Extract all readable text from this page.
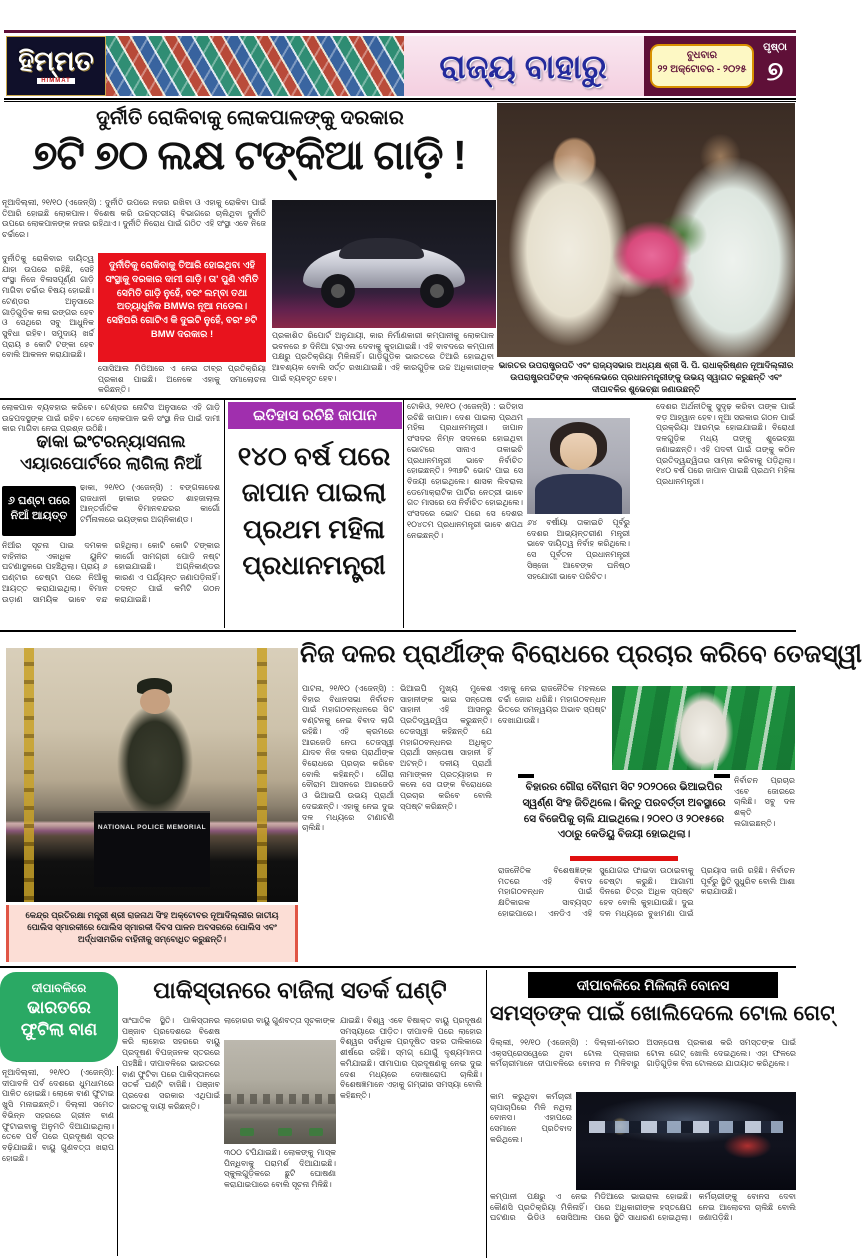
ହିମ୍ମତ
HIMMAT	ରାଜ୍ୟ ବାହାରୁ	ବୁଧବାର
୨୨ ଅକ୍ଟୋବର - ୨୦୨୫
ପୃଷ୍ଠା
୭
ଦୁର୍ନୀତି ରୋକିବାକୁ ଲୋକପାଳଙ୍କୁ ଦରକାର
୭ଟି ୭୦ ଲକ୍ଷ ଟଙ୍କିଆ ଗାଡ଼ି !
ଭାରତର ଉପରାଷ୍ଟ୍ରପତି ଏବଂ ରାଜ୍ୟସଭାର ଅଧ୍ୟକ୍ଷ ଶ୍ରୀ ସି. ପି. ରାଧାକ୍ରିଷ୍ଣନ ନୂଆଦିଲ୍ଲୀର ଉପରାଷ୍ଟ୍ରପତିଙ୍କ ଏନକ୍ଲେଭରେ ପ୍ରଧାନମନ୍ତ୍ରୀଙ୍କୁ ଉଭୟ ସ୍ୱାଗତ କରୁଛନ୍ତି ଏବଂ ଦୀପାବଳିର ଶୁଭେଚ୍ଛା ଜଣାଉଛନ୍ତି
ନୂଆଦିଲ୍ଲୀ, ୨୧/୧୦ (ଏଜେନ୍ସି) : ଦୁର୍ନୀତି ଉପରେ ନଜର ରଖିବା ଓ ଏହାକୁ ରୋକିବା ପାଇଁ ତିଆରି ହୋଇଛି ଲୋକପାଳ। ବିଶେଷ କରି ଉଚ୍ଚସ୍ତରୀୟ ବିଭାଗରେ ଚାଲିଥିବା ଦୁର୍ନୀତି ଉପରେ ଲୋକପାଳଙ୍କ ନଜର ରହିଥାଏ। ଦୁର୍ନୀତି ନିରୋଧ ପାଇଁ ଗଠିତ ଏହି ସଂସ୍ଥା ଏବେ ନିଜେ ଚର୍ଚ୍ଚାରେ।
ଦୁର୍ନୀତିକୁ ରୋକିବାର ଦାୟିତ୍ୱ ଯାହା ଉପରେ ରହିଛି, ସେହି ସଂସ୍ଥା ନିଜେ ବିଳାସପୂର୍ଣ୍ଣ ଗାଡ଼ି ମାଗିବା ଚର୍ଚ୍ଚାର ବିଷୟ ହୋଇଛି। ଟେଣ୍ଡର ଅନୁସାରେ ଗାଡ଼ିଗୁଡ଼ିକ କଳା ରଙ୍ଗର ହେବ ଓ ସେଥିରେ ସବୁ ଆଧୁନିକ ସୁବିଧା ରହିବ। ସମୁଦାୟ ଖର୍ଚ୍ଚ ପ୍ରାୟ ୫ କୋଟି ଟଙ୍କା ହେବ ବୋଲି ଆକଳନ କରାଯାଇଛି।
ଦୁର୍ନୀତିକୁ ରୋକିବାକୁ ତିଆରି ହୋଇଥିବା ଏହି ସଂସ୍ଥାକୁ ଦରକାର ଦାମୀ ଗାଡ଼ି। ତା' ପୁଣି ଏମିତି ସେମିତି ଗାଡ଼ି ନୁହେଁ, ବରଂ ଲମ୍ବା ତଥା ଅତ୍ୟାଧୁନିକ BMWର ନୂଆ ମଡେଲ। ସେହିପରି ଗୋଟିଏ କି ଦୁଇଟି ନୁହେଁ, ବରଂ ୭ଟି BMW ଦରକାର !
ସୋସିଆଲ ମିଡିଆରେ ଏ ନେଇ ତୀବ୍ର ପ୍ରତିକ୍ରିୟା ପ୍ରକାଶ ପାଇଛି। ଅନେକେ ଏହାକୁ ସମାଲୋଚନା କରିଛନ୍ତି।
ପ୍ରକାଶିତ ରିପୋର୍ଟ ଅନୁଯାୟୀ, କାର ନିର୍ମାଣକାରୀ କମ୍ପାନୀକୁ ଲୋକପାଳ ଭବନରେ ୭ ଦିନିଆ ଟ୍ରାଏଲ ଦେବାକୁ କୁହାଯାଇଛି। ଏହି ବାବଦରେ କମ୍ପାନୀ ପକ୍ଷରୁ ପ୍ରତିକ୍ରିୟା ମିଳିନାହିଁ। ଗାଡ଼ିଗୁଡ଼ିକ ଭାରତରେ ତିଆରି ହୋଇଥିବା ଆବଶ୍ୟକ ବୋଲି ସର୍ତ୍ତ ରଖାଯାଇଛି। ଏହି କାରଗୁଡ଼ିକ ଉଚ୍ଚ ଅଧିକାରୀଙ୍କ ପାଇଁ ବ୍ୟବହୃତ ହେବ।
ଲୋକପାଳ ବ୍ୟବହାର କରିବେ। ଟେଣ୍ଡର ନୋଟିସ ଅନୁସାରେ ଏହି ଗାଡ଼ି ଉଚ୍ଚପଦସ୍ଥଙ୍କ ପାଇଁ ରହିବ। ତେବେ ଲୋକପାଳ ଭଳି ସଂସ୍ଥା ନିଜ ପାଇଁ ଦାମୀ କାର ମାଗିବା ନେଇ ପ୍ରଶ୍ନ ଉଠିଛି।
ଢାକା ଇଂଟରନ୍ୟାସନାଲ
ଏୟାରପୋର୍ଟରେ ଲାଗିଲା ନିଆଁ
୬ ଘଣ୍ଟା ପରେ
ନିଆଁ ଆୟତ୍ତ
ଢାକା, ୨୧/୧୦ (ଏଜେନ୍ସି) : ବଙ୍ଗଳାଦେଶ ରାଜଧାନୀ ଢାକାର ହଜରତ ଶାହଜାଲାଲ ଆନ୍ତର୍ଜାତିକ ବିମାନବନ୍ଦରର କାର୍ଗୋ ଟର୍ମିନାଲରେ ଭୟଙ୍କର ଅଗ୍ନିକାଣ୍ଡ।
ନିଆଁର ସୂଚନା ପାଇ ଦମକଳ ବାହିନୀର ଏକାଧିକ ୟୁନିଟ ଘଟଣାସ୍ଥଳରେ ପହଞ୍ଚିଥିଲା। ପ୍ରାୟ ୬ ଘଣ୍ଟାର ଚେଷ୍ଟା ପରେ ନିଆଁକୁ ଆୟତ୍ତ କରାଯାଇଥିଲା। ବିମାନ ଉଡ଼ାଣ ସାମୟିକ ଭାବେ ବନ୍ଦ ରହିଥିଲା। କୋଟି କୋଟି ଟଙ୍କାର କାର୍ଗୋ ସାମଗ୍ରୀ ପୋଡ଼ି ନଷ୍ଟ ହୋଇଯାଇଛି। ଅଗ୍ନିକାଣ୍ଡର କାରଣ ଏ ପର୍ଯ୍ୟନ୍ତ ଜଣାପଡ଼ିନାହିଁ। ତଦନ୍ତ ପାଇଁ କମିଟି ଗଠନ କରାଯାଇଛି।
ଇତିହାସ ରଚିଛି ଜାପାନ
୧୪୦ ବର୍ଷ ପରେ ଜାପାନ ପାଇଲା ପ୍ରଥମ ମହିଳା ପ୍ରଧାନମନ୍ତ୍ରୀ
ଟୋକିଓ, ୨୧/୧୦ (ଏଜେନ୍ସି) : ଇତିହାସ ରଚିଛି ଜାପାନ। ଦେଶ ପାଇଲା ପ୍ରଥମ ମହିଳା ପ୍ରଧାନମନ୍ତ୍ରୀ। ଜାପାନ ସଂସଦର ନିମ୍ନ ସଦନରେ ହୋଇଥିବା ଭୋଟରେ ସାନାଏ ତାକାଇଚି ପ୍ରଧାନମନ୍ତ୍ରୀ ଭାବେ ନିର୍ବାଚିତ ହୋଇଛନ୍ତି। ୨୩୭ଟି ଭୋଟ ପାଇ ସେ ବିଜୟୀ ହୋଇଥିଲେ। ଶାସକ ଲିବରାଲ ଡେମୋକ୍ରାଟିକ ପାର୍ଟିର ନେତ୍ରୀ ଭାବେ ଗତ ମାସରେ ସେ ନିର୍ବାଚିତ ହୋଇଥିଲେ। ସଂସଦରେ ଭୋଟ ପରେ ସେ ଦେଶର ୧୦୪ତମ ପ୍ରଧାନମନ୍ତ୍ରୀ ଭାବେ ଶପଥ ନେଇଛନ୍ତି।
୬୪ ବର୍ଷୀୟା ତାକାଇଚି ପୂର୍ବରୁ ଦେଶର ଆଭ୍ୟନ୍ତରୀଣ ମନ୍ତ୍ରୀ ଭାବେ ଦାୟିତ୍ୱ ନିର୍ବାହ କରିଥିଲେ। ସେ ପୂର୍ବତନ ପ୍ରଧାନମନ୍ତ୍ରୀ ସିଞ୍ଜୋ ଆବେଙ୍କ ଘନିଷ୍ଠ ସହଯୋଗୀ ଭାବେ ପରିଚିତ।
ଦେଶର ଅର୍ଥନୀତିକୁ ସୁଦୃଢ଼ କରିବା ତାଙ୍କ ପାଇଁ ବଡ଼ ଆହ୍ୱାନ ହେବ। ନୂଆ ସରକାର ଗଠନ ପାଇଁ ପ୍ରକ୍ରିୟା ଆରମ୍ଭ ହୋଇଯାଇଛି। ବିରୋଧୀ ଦଳଗୁଡ଼ିକ ମଧ୍ୟ ତାଙ୍କୁ ଶୁଭେଚ୍ଛା ଜଣାଇଛନ୍ତି। ଏହି ପଦବୀ ପାଇଁ ତାଙ୍କୁ କଠିନ ପ୍ରତିଦ୍ୱନ୍ଦ୍ୱିତାର ସାମ୍ନା କରିବାକୁ ପଡ଼ିଥିଲା। ୧୪୦ ବର୍ଷ ପରେ ଜାପାନ ପାଇଛି ପ୍ରଥମ ମହିଳା ପ୍ରଧାନମନ୍ତ୍ରୀ।
ନିଜ ଦଳର ପ୍ରାର୍ଥୀଙ୍କ ବିରୋଧରେ ପ୍ରଚାର କରିବେ ତେଜସ୍ୱୀ
NATIONAL POLICE MEMORIAL
କେନ୍ଦ୍ର ପ୍ରତିରକ୍ଷା ମନ୍ତ୍ରୀ ଶ୍ରୀ ରାଜନାଥ ସିଂହ ଅକ୍ଟୋବର ନୂଆଦିଲ୍ଲୀର ଜାତୀୟ ପୋଲିସ ସ୍ମାରକୀରେ ପୋଲିସ ସ୍ମାରକୀ ଦିବସ ପାଳନ ଅବସରରେ ପୋଲିସ ଏବଂ ଅର୍ଦ୍ଧସାମରିକ ବାହିନୀକୁ ସମ୍ବୋଧିତ କରୁଛନ୍ତି।
ପାଟନା, ୨୧/୧୦ (ଏଜେନ୍ସି) : ବିହାର ବିଧାନସଭା ନିର୍ବାଚନ ପାଇଁ ମହାଗଠବନ୍ଧନରେ ସିଟ ବଣ୍ଟନକୁ ନେଇ ବିବାଦ ଲାଗି ରହିଛି। ଏହି କ୍ରମରେ ଆରଜେଡି ନେତା ତେଜସ୍ୱୀ ଯାଦବ ନିଜ ଦଳର ପ୍ରାର୍ଥୀଙ୍କ ବିରୋଧରେ ପ୍ରଚାର କରିବେ ବୋଲି କହିଛନ୍ତି। ଗୌରା ବୌରାମ ଆସନରେ ଆରଜେଡି ଓ ଭିଆଇପି ଉଭୟ ପ୍ରାର୍ଥୀ ଦେଇଛନ୍ତି। ଏହାକୁ ନେଇ ଦୁଇ ଦଳ ମଧ୍ୟରେ ଟାଣାଟଣି ଚାଲିଛି।
ଭିଆଇପି ମୁଖ୍ୟ ମୁକେଶ ସାହାନୀଙ୍କ ଭାଇ ସନ୍ତୋଷ ସାହାନୀ ଏହି ଆସନରୁ ପ୍ରତିଦ୍ୱନ୍ଦ୍ୱିତା କରୁଛନ୍ତି। ତେଜସ୍ୱୀ କହିଛନ୍ତି ଯେ ମହାଗଠବନ୍ଧନର ଅଧିକୃତ ପ୍ରାର୍ଥୀ ସନ୍ତୋଷ ସାହାନୀ ହିଁ ଅଟନ୍ତି। ଦଳୀୟ ପ୍ରାର୍ଥୀ ନାମାଙ୍କନ ପ୍ରତ୍ୟାହାର ନ କଲେ ସେ ତାଙ୍କ ବିରୋଧରେ ପ୍ରଚାର କରିବେ ବୋଲି ସ୍ପଷ୍ଟ କରିଛନ୍ତି।
ଏହାକୁ ନେଇ ରାଜନୈତିକ ମହଲରେ ଚର୍ଚ୍ଚା ଜୋର ଧରିଛି। ମହାଗଠବନ୍ଧନ ଭିତରେ ସମନ୍ୱୟର ଅଭାବ ସ୍ପଷ୍ଟ ଦେଖାଯାଉଛି।
ବିହାରର ଗୌରା ବୌରାମ ସିଟ ୨୦୨୦ରେ ଭିଆଇପିର ସ୍ୱର୍ଣ୍ଣ ସିଂହ ଜିତିଥିଲେ। କିନ୍ତୁ ପରବର୍ତ୍ତୀ ଅବସ୍ଥାରେ ସେ ବିଜେପିକୁ ଚାଲି ଯାଇଥିଲେ। ୨୦୧୦ ଓ ୨୦୧୫ରେ ଏଠାରୁ କେଡିୟୁ ବିଜୟୀ ହୋଇଥିଲା।
ନିର୍ବାଚନ ପ୍ରଚାର ଏବେ ଜୋରରେ ଚାଲିଛି। ସବୁ ଦଳ ଶକ୍ତି ଲଗାଇଛନ୍ତି।
ରାଜନୈତିକ ବିଶେଷଜ୍ଞଙ୍କ ମତରେ ଏହି ବିବାଦ ମହାଗଠବନ୍ଧନ ପାଇଁ କ୍ଷତିକାରକ ସାବ୍ୟସ୍ତ ହୋଇପାରେ। ଏନଡିଏ ଏହି ସୁଯୋଗର ଫାଇଦା ଉଠାଇବାକୁ ଚେଷ୍ଟା କରୁଛି। ଆଗାମୀ ଦିନରେ ଚିତ୍ର ଅଧିକ ସ୍ପଷ୍ଟ ହେବ ବୋଲି କୁହାଯାଉଛି। ଦୁଇ ଦଳ ମଧ୍ୟରେ ବୁଝାମଣା ପାଇଁ ପ୍ରୟାସ ଜାରି ରହିଛି। ନିର୍ବାଚନ ପୂର୍ବରୁ ସ୍ଥିତି ସୁଧୁରିବ ବୋଲି ଆଶା କରାଯାଉଛି।
ଦୀପାବଳିରେ
ଭାରତରେ
ଫୁଟିଲା ବାଣ
ନୂଆଦିଲ୍ଲୀ, ୨୧/୧୦ (ଏଜେନ୍ସି): ଦୀପାବଳି ପର୍ବ ଦେଶରେ ଧୁମଧାମରେ ପାଳିତ ହୋଇଛି। ଲୋକେ ବାଣ ଫୁଟାଇ ଖୁସି ମନାଇଛନ୍ତି। ଦିଲ୍ଲୀ ସମେତ ବିଭିନ୍ନ ସହରରେ ଗ୍ରୀନ ବାଣ ଫୁଟାଇବାକୁ ଅନୁମତି ଦିଆଯାଇଥିଲା। ତେବେ ପର୍ବ ପରେ ପ୍ରଦୂଷଣ ସ୍ତର ବଢ଼ିଯାଇଛି। ବାୟୁ ଗୁଣବତ୍ତା ଖରାପ ହୋଇଛି।
ପାକିସ୍ତାନରେ ବାଜିଲା ସତର୍କ ଘଣ୍ଟି
ସାଂଘାତିକ ସ୍ଥିତି। ପାକିସ୍ତାନର ପଞ୍ଜାବ ପ୍ରଦେଶରେ ବିଶେଷ କରି ଲାହୋର ସହରରେ ବାୟୁ ପ୍ରଦୂଷଣ ବିପଜ୍ଜନକ ସ୍ତରରେ ପହଞ୍ଚିଛି। ଦୀପାବଳିରେ ଭାରତରେ ବାଣ ଫୁଟିବା ପରେ ପାକିସ୍ତାନରେ ସତର୍କ ଘଣ୍ଟି ବାଜିଛି। ପଞ୍ଜାବ ପ୍ରଦେଶ ସରକାର ଏଥିପାଇଁ ଭାରତକୁ ଦାୟୀ କରିଛନ୍ତି।
ଲାହୋରର ବାୟୁ ଗୁଣବତ୍ତା ସୂଚକାଙ୍କ
୩୦୦ ଟପିଯାଇଛି। ଲୋକଙ୍କୁ ମାସ୍କ ପିନ୍ଧିବାକୁ ପରାମର୍ଶ ଦିଆଯାଇଛି। ସ୍କୁଲଗୁଡ଼ିକରେ ଛୁଟି ଘୋଷଣା କରାଯାଇପାରେ ବୋଲି ସୂଚନା ମିଳିଛି।
ଯାଇଛି। ବିଶ୍ୱ ଏବେ ବିଷାକ୍ତ ବାୟୁ ପ୍ରଦୂଷଣ ସମସ୍ୟାରେ ପୀଡ଼ିତ। ଦୀପାବଳି ପରେ ଲାହୋର ବିଶ୍ୱର ସର୍ବାଧିକ ପ୍ରଦୂଷିତ ସହର ତାଲିକାରେ ଶୀର୍ଷରେ ରହିଛି। ସ୍ମଗ୍ ଯୋଗୁଁ ଦୃଶ୍ୟମାନତା କମିଯାଇଛି। ସୀମାପାର ପ୍ରଦୂଷଣକୁ ନେଇ ଦୁଇ ଦେଶ ମଧ୍ୟରେ ଦୋଷାରୋପ ଚାଲିଛି। ବିଶେଷଜ୍ଞମାନେ ଏହାକୁ ଗମ୍ଭୀର ସମସ୍ୟା ବୋଲି କହିଛନ୍ତି।
ଦୀପାବଳିରେ ମିଳିଲାନି ବୋନସ
ସମସ୍ତଙ୍କ ପାଇଁ ଖୋଲିଦେଲେ ଟୋଲ ଗେଟ୍
ଦିଲ୍ଲୀ, ୨୧/୧୦ (ଏଜେନ୍ସି) : ଦିଲ୍ଲୀ-ମେରଠ ଏକ୍ସପ୍ରେସୱେରେ ଥିବା ଟୋଲ ପ୍ଲାଜାର କର୍ମଚାରୀମାନେ ଦୀପାବଳିରେ ବୋନସ ନ ମିଳିବାରୁ ଅସନ୍ତୋଷ ପ୍ରକାଶ କରି ସମସ୍ତଙ୍କ ପାଇଁ ଟୋଲ ଗେଟ୍ ଖୋଲି ଦେଇଥିଲେ। ଏହା ଫଳରେ ଗାଡ଼ିଗୁଡ଼ିକ ବିନା ଟୋଲରେ ଯାତାୟାତ କରିଥିଲେ।
କାମ କରୁଥିବା କର୍ମଚାରୀ ଚାପାଚାପିରେ ମିଳି ନଥିଲା ବୋନସ। ଏହାପରେ ସେମାନେ ପ୍ରତିବାଦ କରିଥିଲେ।
କମ୍ପାନୀ ପକ୍ଷରୁ ଏ ନେଇ କୌଣସି ପ୍ରତିକ୍ରିୟା ମିଳିନାହିଁ। ଘଟଣାର ଭିଡିଓ ସୋସିଆଲ ମିଡିଆରେ ଭାଇରାଲ ହୋଇଛି। ପରେ ଅଧିକାରୀଙ୍କ ହସ୍ତକ୍ଷେପ ପରେ ସ୍ଥିତି ସାଧାରଣ ହୋଇଥିଲା। କର୍ମଚାରୀଙ୍କୁ ବୋନସ ଦେବା ନେଇ ଆଲୋଚନା ଚାଲିଛି ବୋଲି ଜଣାପଡ଼ିଛି।
